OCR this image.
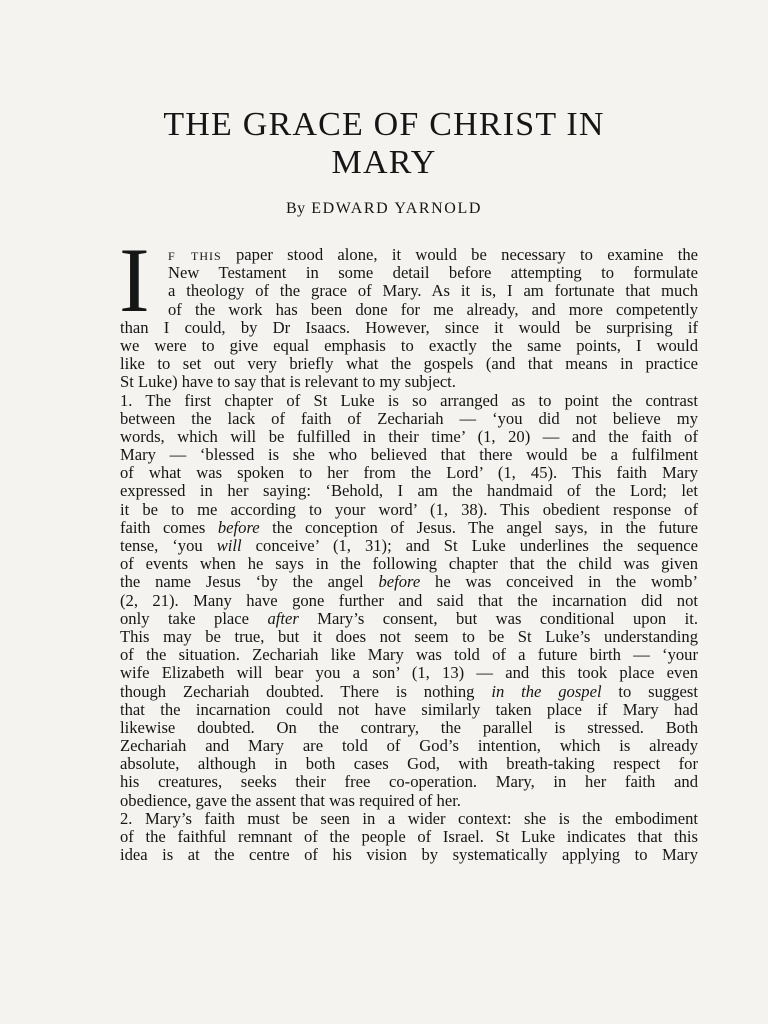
THE GRACE OF CHRIST IN
MARY

By EDWARD YARNOLD

I	f this paper stood alone, it would be necessary to examine the
New Testament in some detail before attempting to formulate
a theology of the grace of Mary. As it is, I am fortunate that much
of the work has been done for me already, and more competently
than I could, by Dr Isaacs. However, since it would be surprising if
we were to give equal emphasis to exactly the same points, I would
like to set out very briefly what the gospels (and that means in practice
St Luke) have to say that is relevant to my subject.
1. The first chapter of St Luke is so arranged as to point the contrast
between the lack of faith of Zechariah — ‘you did not believe my
words, which will be fulfilled in their time’ (1, 20) — and the faith of
Mary — ‘blessed is she who believed that there would be a fulfilment
of what was spoken to her from the Lord’ (1, 45). This faith Mary
expressed in her saying: ‘Behold, I am the handmaid of the Lord; let
it be to me according to your word’ (1, 38). This obedient response of
faith comes before the conception of Jesus. The angel says, in the future
tense, ‘you will conceive’ (1, 31); and St Luke underlines the sequence
of events when he says in the following chapter that the child was given
the name Jesus ‘by the angel before he was conceived in the womb’
(2, 21). Many have gone further and said that the incarnation did not
only take place after Mary’s consent, but was conditional upon it.
This may be true, but it does not seem to be St Luke’s understanding
of the situation. Zechariah like Mary was told of a future birth — ‘your
wife Elizabeth will bear you a son’ (1, 13) — and this took place even
though Zechariah doubted. There is nothing in the gospel to suggest
that the incarnation could not have similarly taken place if Mary had
likewise doubted. On the contrary, the parallel is stressed. Both
Zechariah and Mary are told of God’s intention, which is already
absolute, although in both cases God, with breath-taking respect for
his creatures, seeks their free co-operation. Mary, in her faith and
obedience, gave the assent that was required of her.
2. Mary’s faith must be seen in a wider context: she is the embodiment
of the faithful remnant of the people of Israel. St Luke indicates that this
idea is at the centre of his vision by systematically applying to Mary
